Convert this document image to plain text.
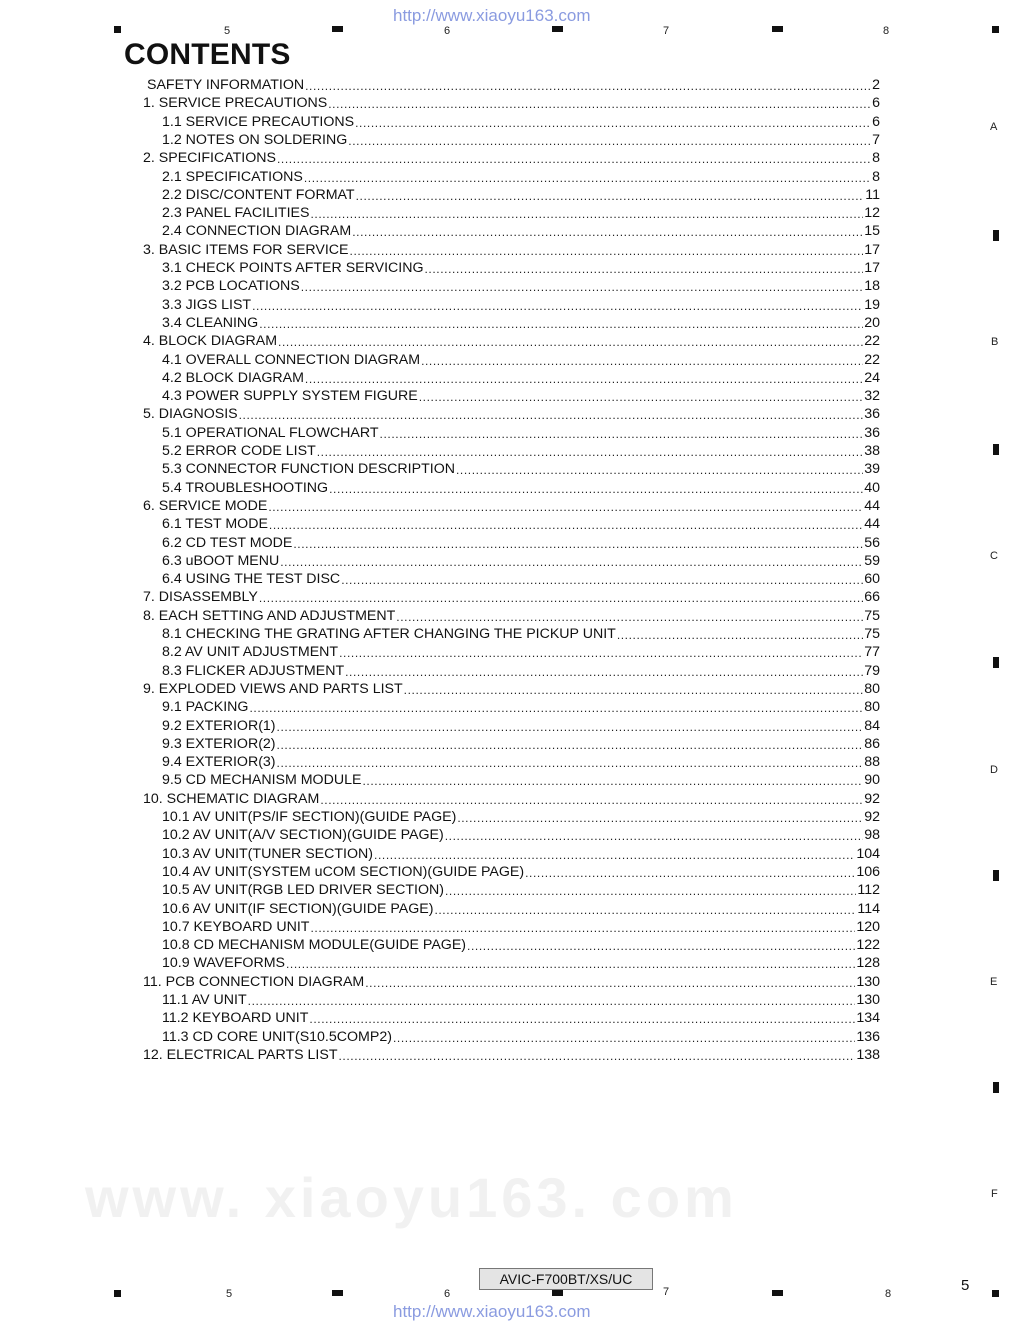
www. xiaoyu163. com
http://www.xiaoyu163.com
5	6	7	8
A
B
C
D
E
F
CONTENTS
SAFETY INFORMATION .....	2
1. SERVICE PRECAUTIONS .....	6
1.1 SERVICE PRECAUTIONS .....	6
1.2 NOTES ON SOLDERING .....	7
2. SPECIFICATIONS .....	8
2.1 SPECIFICATIONS .....	8
2.2 DISC/CONTENT FORMAT .....	11
2.3 PANEL FACILITIES .....	12
2.4 CONNECTION DIAGRAM .....	15
3. BASIC ITEMS FOR SERVICE .....	17
3.1 CHECK POINTS AFTER SERVICING .....	17
3.2 PCB LOCATIONS .....	18
3.3 JIGS LIST .....	19
3.4 CLEANING .....	20
4. BLOCK DIAGRAM .....	22
4.1 OVERALL CONNECTION DIAGRAM .....	22
4.2 BLOCK DIAGRAM .....	24
4.3 POWER SUPPLY SYSTEM FIGURE .....	32
5. DIAGNOSIS .....	36
5.1 OPERATIONAL FLOWCHART .....	36
5.2 ERROR CODE LIST .....	38
5.3 CONNECTOR FUNCTION DESCRIPTION .....	39
5.4 TROUBLESHOOTING .....	40
6. SERVICE MODE .....	44
6.1 TEST MODE .....	44
6.2 CD TEST MODE .....	56
6.3 uBOOT MENU .....	59
6.4 USING THE TEST DISC .....	60
7. DISASSEMBLY .....	66
8. EACH SETTING AND ADJUSTMENT .....	75
8.1 CHECKING THE GRATING AFTER CHANGING THE PICKUP UNIT .....	75
8.2 AV UNIT ADJUSTMENT .....	77
8.3 FLICKER ADJUSTMENT .....	79
9. EXPLODED VIEWS AND PARTS LIST .....	80
9.1 PACKING .....	80
9.2 EXTERIOR(1) .....	84
9.3 EXTERIOR(2) .....	86
9.4 EXTERIOR(3) .....	88
9.5 CD MECHANISM MODULE .....	90
10. SCHEMATIC DIAGRAM .....	92
10.1 AV UNIT(PS/IF SECTION)(GUIDE PAGE) .....	92
10.2 AV UNIT(A/V SECTION)(GUIDE PAGE) .....	98
10.3 AV UNIT(TUNER SECTION) .....	104
10.4 AV UNIT(SYSTEM uCOM SECTION)(GUIDE PAGE) .....	106
10.5 AV UNIT(RGB LED DRIVER SECTION) .....	112
10.6 AV UNIT(IF SECTION)(GUIDE PAGE) .....	114
10.7 KEYBOARD UNIT .....	120
10.8 CD MECHANISM MODULE(GUIDE PAGE) .....	122
10.9 WAVEFORMS .....	128
11. PCB CONNECTION DIAGRAM .....	130
11.1 AV UNIT .....	130
11.2 KEYBOARD UNIT .....	134
11.3 CD CORE UNIT(S10.5COMP2) .....	136
12. ELECTRICAL PARTS LIST .....	138
AVIC-F700BT/XS/UC	5
5	6	7	8
http://www.xiaoyu163.com
